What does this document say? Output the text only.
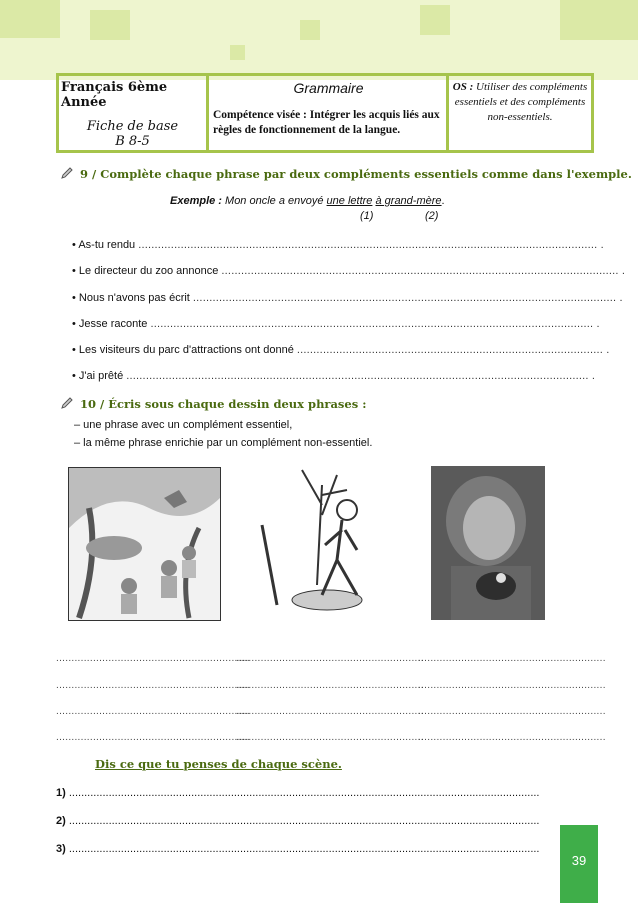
Français 6ème Année
Fiche de base
B 8-5
Grammaire
Compétence visée : Intégrer les acquis liés aux règles de fonctionnement de la langue.
OS : Utiliser des compléments essentiels et des compléments non-essentiels.
9 / Complète chaque phrase par deux compléments essentiels comme dans l'exemple.
Exemple : Mon oncle a envoyé une lettre à grand-mère.
(1)	(2)
• As-tu rendu ............................................................................................................................................. .
• Le directeur du zoo annonce .......................................................................................................................... .
• Nous n'avons pas écrit .................................................................................................................................. .
• Jesse raconte ........................................................................................................................................ .
• Les visiteurs du parc d'attractions ont donné .............................................................................................. .
• J'ai prêté .............................................................................................................................................. .
10 / Écris sous chaque dessin deux phrases :
– une phrase avec un complément essentiel,
– la même phrase enrichie par un complément non-essentiel.
...............................................................
.............................................................
.............................................................
...............................................................
.............................................................
.............................................................
...............................................................
.............................................................
.............................................................
...............................................................
.............................................................
.............................................................
Dis ce que tu penses de chaque scène.
1) ..........................................................................................................................................................
2) ..........................................................................................................................................................
3) ..........................................................................................................................................................
39
